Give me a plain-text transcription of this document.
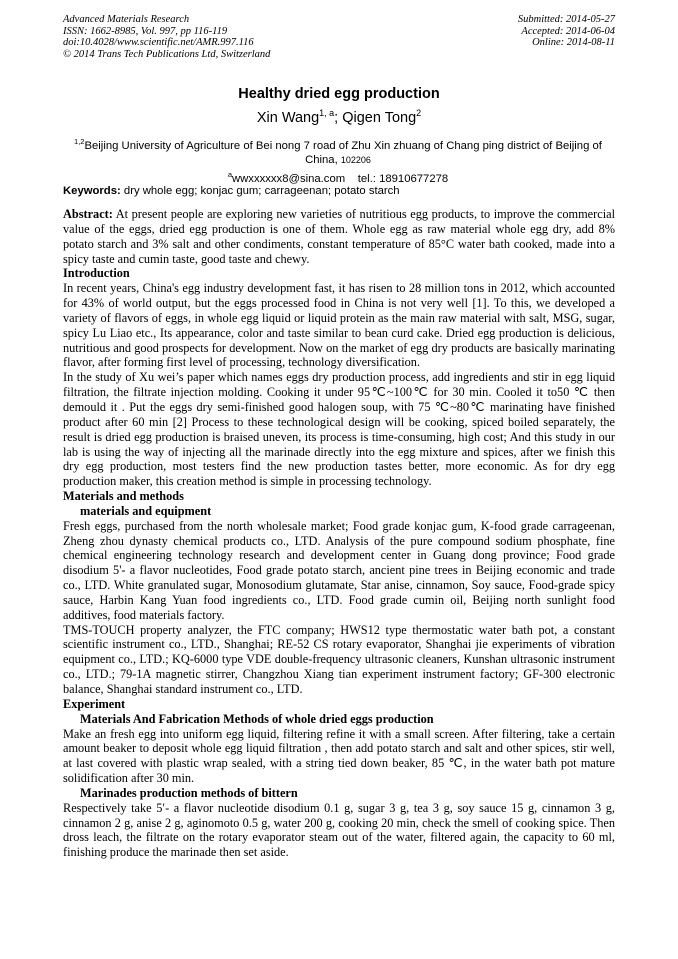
Advanced Materials Research
ISSN: 1662-8985, Vol. 997, pp 116-119
doi:10.4028/www.scientific.net/AMR.997.116
© 2014 Trans Tech Publications Ltd, Switzerland
Submitted: 2014-05-27
Accepted: 2014-06-04
Online: 2014-08-11
Healthy dried egg production
Xin Wang$^{1, a}$; Qigen Tong$^2$
$^{1,2}$Beijing University of Agriculture of Bei nong 7 road of Zhu Xin zhuang of Chang ping district of Beijing of China, 102206
$^a$wwxxxxxx8@sina.com tel.: 18910677278
Keywords: dry whole egg; konjac gum; carrageenan; potato starch

Abstract: At present people are exploring new varieties of nutritious egg products, to improve the commercial value of the eggs, dried egg production is one of them. Whole egg as raw material whole egg dry, add 8% potato starch and 3% salt and other condiments, constant temperature of 85°C water bath cooked, made into a spicy taste and cumin taste, good taste and chewy.

Introduction

In recent years, China's egg industry development fast, it has risen to 28 million tons in 2012, which accounted for 43% of world output, but the eggs processed food in China is not very well [1]. To this, we developed a variety of flavors of eggs, in whole egg liquid or liquid protein as the main raw material with salt, MSG, sugar, spicy Lu Liao etc., Its appearance, color and taste similar to bean curd cake. Dried egg production is delicious, nutritious and good prospects for development. Now on the market of egg dry products are basically marinating flavor, after forming first level of processing, technology diversification.

In the study of Xu wei’s paper which names eggs dry production process, add ingredients and stir in egg liquid filtration, the filtrate injection molding. Cooking it under 95℃~100℃ for 30 min. Cooled it to50 ℃ then demould it . Put the eggs dry semi-finished good halogen soup, with 75 ℃~80℃ marinating have finished product after 60 min [2] Process to these technological design will be cooking, spiced boiled separately, the result is dried egg production is braised uneven, its process is time-consuming, high cost; And this study in our lab is using the way of injecting all the marinade directly into the egg mixture and spices, after we finish this dry egg production, most testers find the new production tastes better, more economic. As for dry egg production maker, this creation method is simple in processing technology.

Materials and methods
materials and equipment

Fresh eggs, purchased from the north wholesale market; Food grade konjac gum, K-food grade carrageenan, Zheng zhou dynasty chemical products co., LTD. Analysis of the pure compound sodium phosphate, fine chemical engineering technology research and development center in Guang dong province; Food grade disodium 5'- a flavor nucleotides, Food grade potato starch, ancient pine trees in Beijing economic and trade co., LTD. White granulated sugar, Monosodium glutamate, Star anise, cinnamon, Soy sauce, Food-grade spicy sauce, Harbin Kang Yuan food ingredients co., LTD. Food grade cumin oil, Beijing north sunlight food additives, food materials factory.

TMS-TOUCH property analyzer, the FTC company; HWS12 type thermostatic water bath pot, a constant scientific instrument co., LTD., Shanghai; RE-52 CS rotary evaporator, Shanghai jie experiments of vibration equipment co., LTD.; KQ-6000 type VDE double-frequency ultrasonic cleaners, Kunshan ultrasonic instrument co., LTD.; 79-1A magnetic stirrer, Changzhou Xiang tian experiment instrument factory; GF-300 electronic balance, Shanghai standard instrument co., LTD.

Experiment
Materials And Fabrication Methods of whole dried eggs production

Make an fresh egg into uniform egg liquid, filtering refine it with a small screen. After filtering, take a certain amount beaker to deposit whole egg liquid filtration , then add potato starch and salt and other spices, stir well, at last covered with plastic wrap sealed, with a string tied down beaker, 85 ℃, in the water bath pot mature solidification after 30 min.

Marinades production methods of bittern

Respectively take 5′- a flavor nucleotide disodium 0.1 g, sugar 3 g, tea 3 g, soy sauce 15 g, cinnamon 3 g, cinnamon 2 g, anise 2 g, aginomoto 0.5 g, water 200 g, cooking 20 min, check the smell of cooking spice. Then dross leach, the filtrate on the rotary evaporator steam out of the water, filtered again, the capacity to 60 ml, finishing produce the marinade then set aside.
